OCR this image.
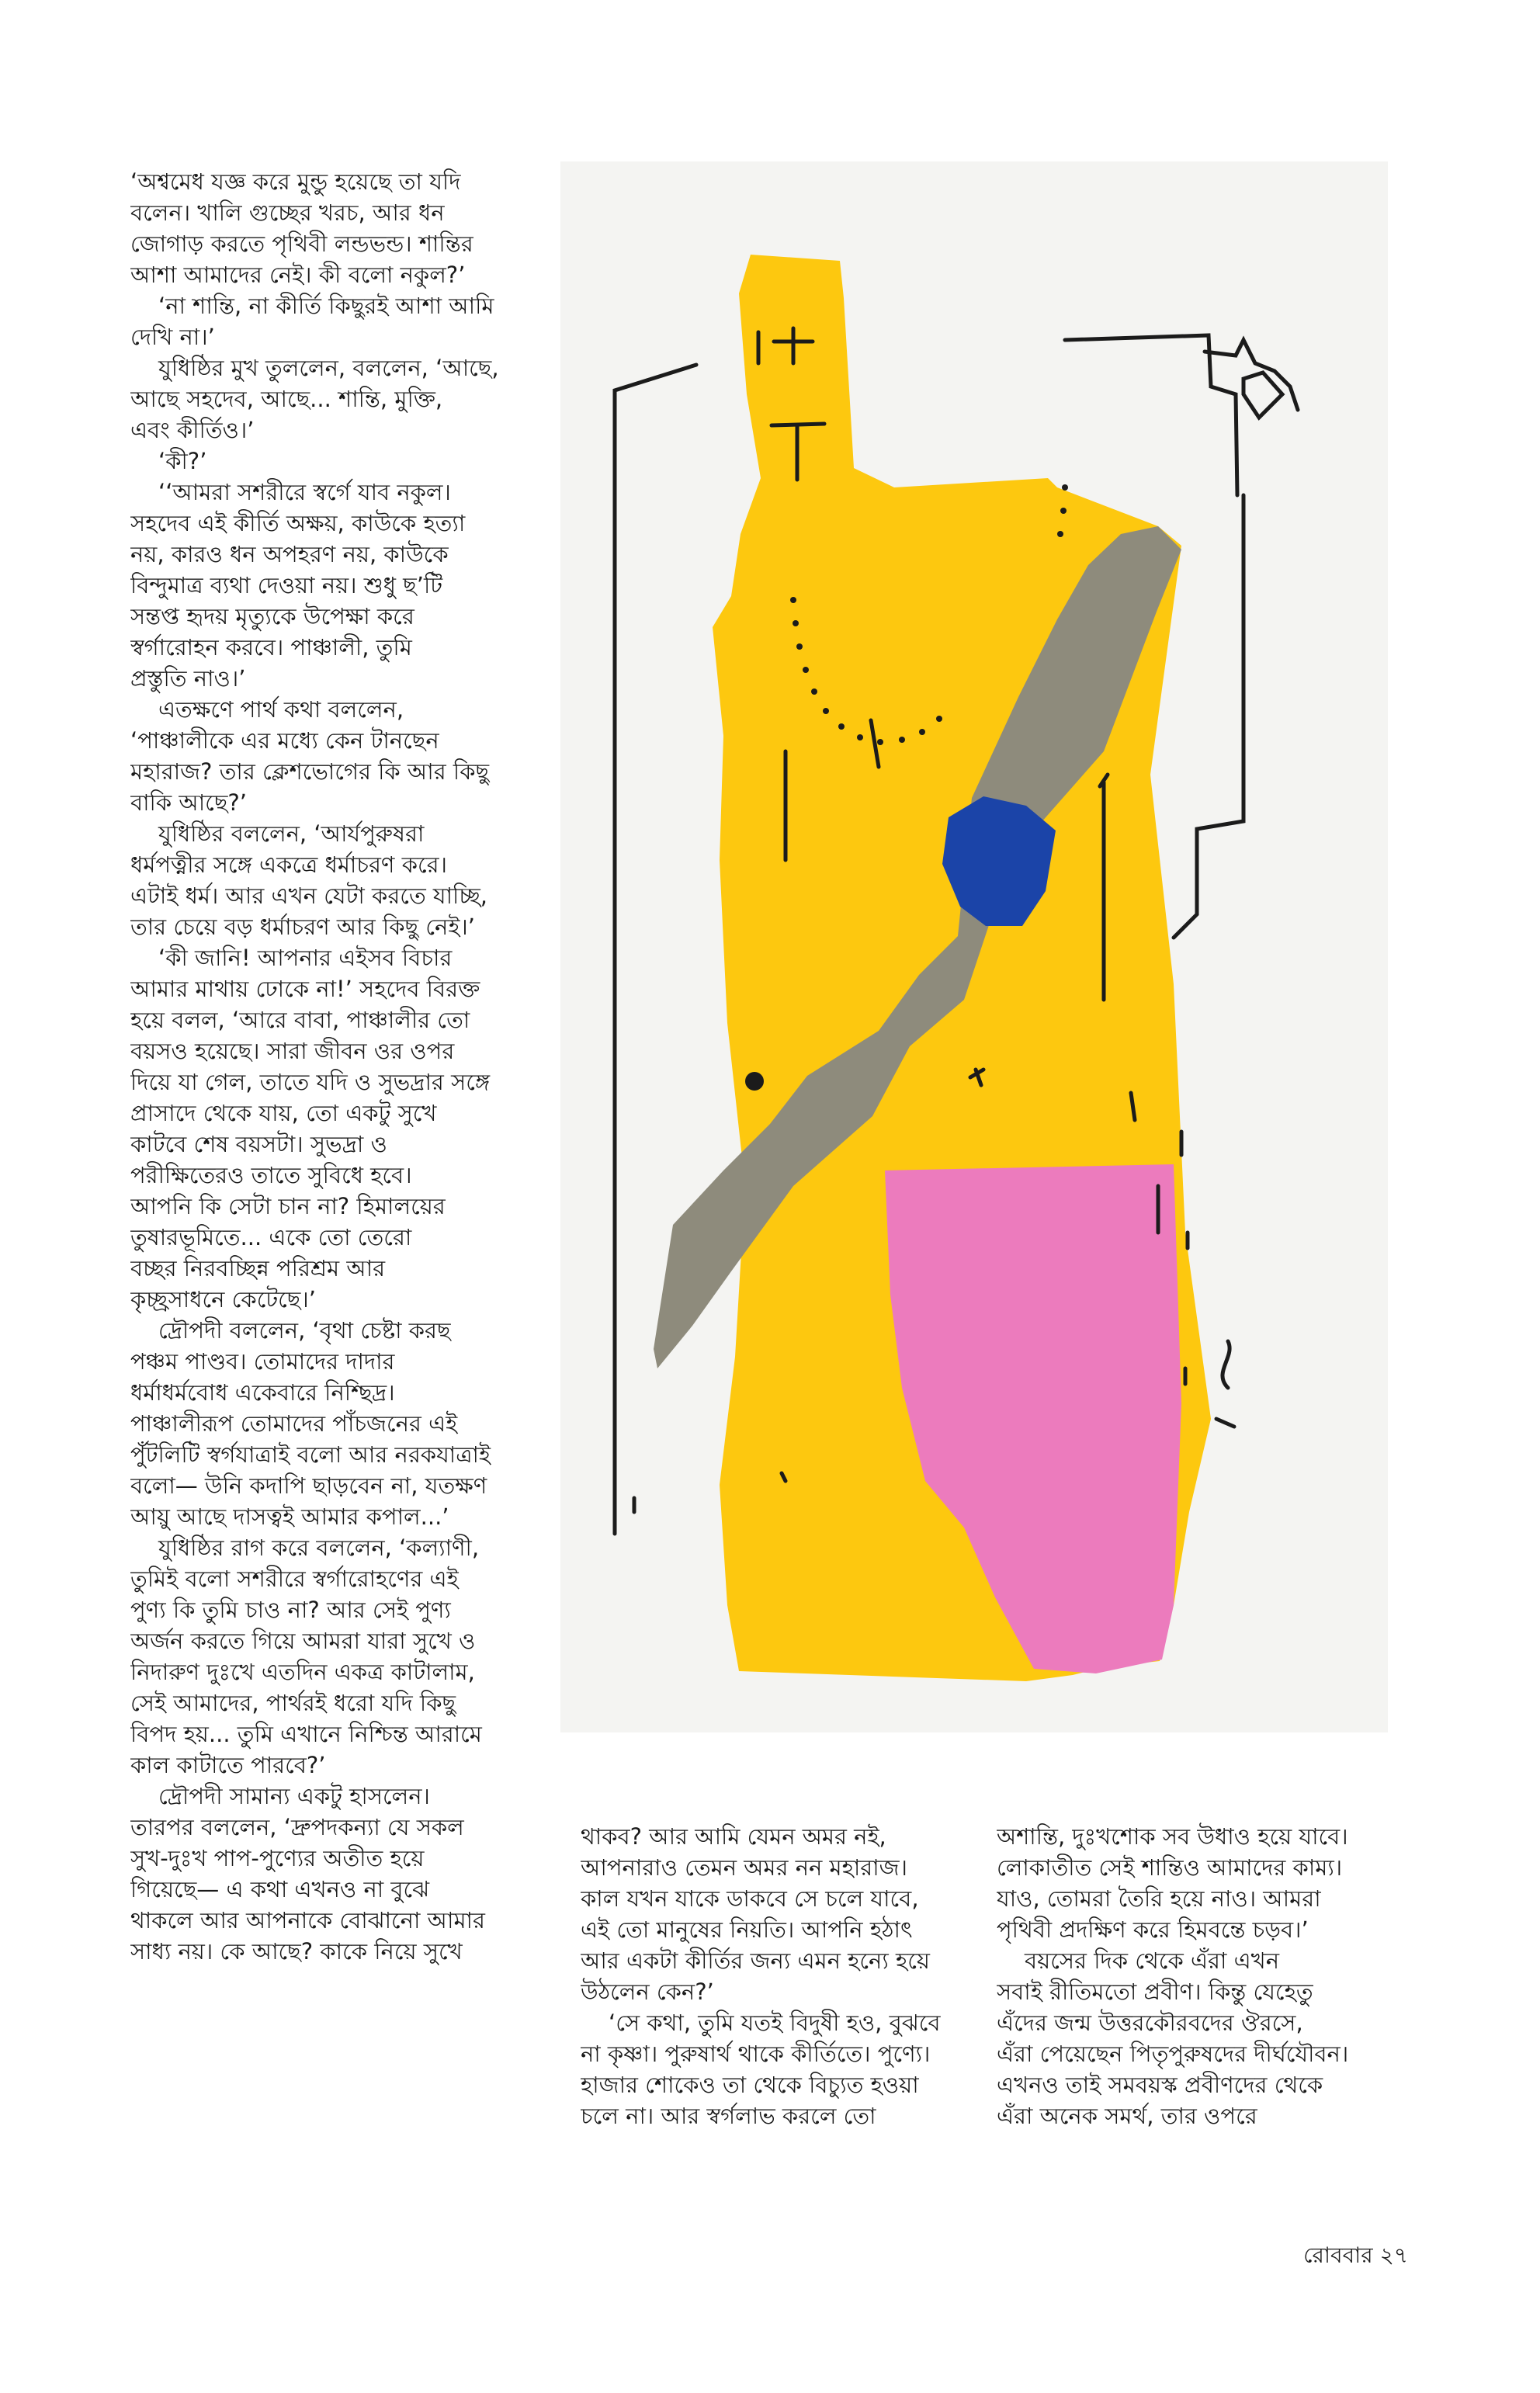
‘অশ্বমেধ যজ্ঞ করে মুন্ডু হয়েছে তা যদি

বলেন। খালি গুচ্ছের খরচ, আর ধন

জোগাড় করতে পৃথিবী লন্ডভন্ড। শান্তির

আশা আমাদের নেই। কী বলো নকুল?’

‘না শান্তি, না কীর্তি কিছুরই আশা আমি

দেখি না।’

যুধিষ্ঠির মুখ তুললেন, বললেন, ‘আছে,

আছে সহদেব, আছে... শান্তি, মুক্তি,

এবং কীর্তিও।’

‘কী?’

‘‘আমরা সশরীরে স্বর্গে যাব নকুল।

সহদেব এই কীর্তি অক্ষয়, কাউকে হত্যা

নয়, কারও ধন অপহরণ নয়, কাউকে

বিন্দুমাত্র ব্যথা দেওয়া নয়। শুধু ছ’টি

সন্তপ্ত হৃদয় মৃত্যুকে উপেক্ষা করে

স্বর্গারোহন করবে। পাঞ্চালী, তুমি

প্রস্তুতি নাও।’

এতক্ষণে পার্থ কথা বললেন,

‘পাঞ্চালীকে এর মধ্যে কেন টানছেন

মহারাজ? তার ক্লেশভোগের কি আর কিছু

বাকি আছে?’

যুধিষ্ঠির বললেন, ‘আর্যপুরুষরা

ধর্মপত্নীর সঙ্গে একত্রে ধর্মাচরণ করে।

এটাই ধর্ম। আর এখন যেটা করতে যাচ্ছি,

তার চেয়ে বড় ধর্মাচরণ আর কিছু নেই।’

‘কী জানি! আপনার এইসব বিচার

আমার মাথায় ঢোকে না!’ সহদেব বিরক্ত

হয়ে বলল, ‘আরে বাবা, পাঞ্চালীর তো

বয়সও হয়েছে। সারা জীবন ওর ওপর

দিয়ে যা গেল, তাতে যদি ও সুভদ্রার সঙ্গে

প্রাসাদে থেকে যায়, তো একটু সুখে

কাটবে শেষ বয়সটা। সুভদ্রা ও

পরীক্ষিতেরও তাতে সুবিধে হবে।

আপনি কি সেটা চান না? হিমালয়ের

তুষারভূমিতে... একে তো তেরো

বচ্ছর নিরবচ্ছিন্ন পরিশ্রম আর

কৃচ্ছ্রসাধনে কেটেছে।’

দ্রৌপদী বললেন, ‘বৃথা চেষ্টা করছ

পঞ্চম পাণ্ডব। তোমাদের দাদার

ধর্মাধর্মবোধ একেবারে নিশ্ছিদ্র।

পাঞ্চালীরূপ তোমাদের পাঁচজনের এই

পুঁটলিটি স্বর্গযাত্রাই বলো আর নরকযাত্রাই

বলো— উনি কদাপি ছাড়বেন না, যতক্ষণ

আয়ু আছে দাসত্বই আমার কপাল...’

যুধিষ্ঠির রাগ করে বললেন, ‘কল্যাণী,

তুমিই বলো সশরীরে স্বর্গারোহণের এই

পুণ্য কি তুমি চাও না? আর সেই পুণ্য

অর্জন করতে গিয়ে আমরা যারা সুখে ও

নিদারুণ দুঃখে এতদিন একত্র কাটালাম,

সেই আমাদের, পার্থরই ধরো যদি কিছু

বিপদ হয়... তুমি এখানে নিশ্চিন্ত আরামে

কাল কাটাতে পারবে?’

দ্রৌপদী সামান্য একটু হাসলেন।

তারপর বললেন, ‘দ্রুপদকন্যা যে সকল

সুখ-দুঃখ পাপ-পুণ্যের অতীত হয়ে

গিয়েছে— এ কথা এখনও না বুঝে

থাকলে আর আপনাকে বোঝানো আমার

সাধ্য নয়। কে আছে? কাকে নিয়ে সুখে

থাকব? আর আমি যেমন অমর নই,

আপনারাও তেমন অমর নন মহারাজ।

কাল যখন যাকে ডাকবে সে চলে যাবে,

এই তো মানুষের নিয়তি। আপনি হঠাৎ

আর একটা কীর্তির জন্য এমন হন্যে হয়ে

উঠলেন কেন?’

‘সে কথা, তুমি যতই বিদুষী হও, বুঝবে

না কৃষ্ণা। পুরুষার্থ থাকে কীর্তিতে। পুণ্যে।

হাজার শোকেও তা থেকে বিচ্যুত হওয়া

চলে না। আর স্বর্গলাভ করলে তো

অশান্তি, দুঃখশোক সব উধাও হয়ে যাবে।

লোকাতীত সেই শান্তিও আমাদের কাম্য।

যাও, তোমরা তৈরি হয়ে নাও। আমরা

পৃথিবী প্রদক্ষিণ করে হিমবন্তে চড়ব।’

বয়সের দিক থেকে এঁরা এখন

সবাই রীতিমতো প্রবীণ। কিন্তু যেহেতু

এঁদের জন্ম উত্তরকৌরবদের ঔরসে,

এঁরা পেয়েছেন পিতৃপুরুষদের দীর্ঘযৌবন।

এখনও তাই সমবয়স্ক প্রবীণদের থেকে

এঁরা অনেক সমর্থ, তার ওপরে

রোববার ২৭
